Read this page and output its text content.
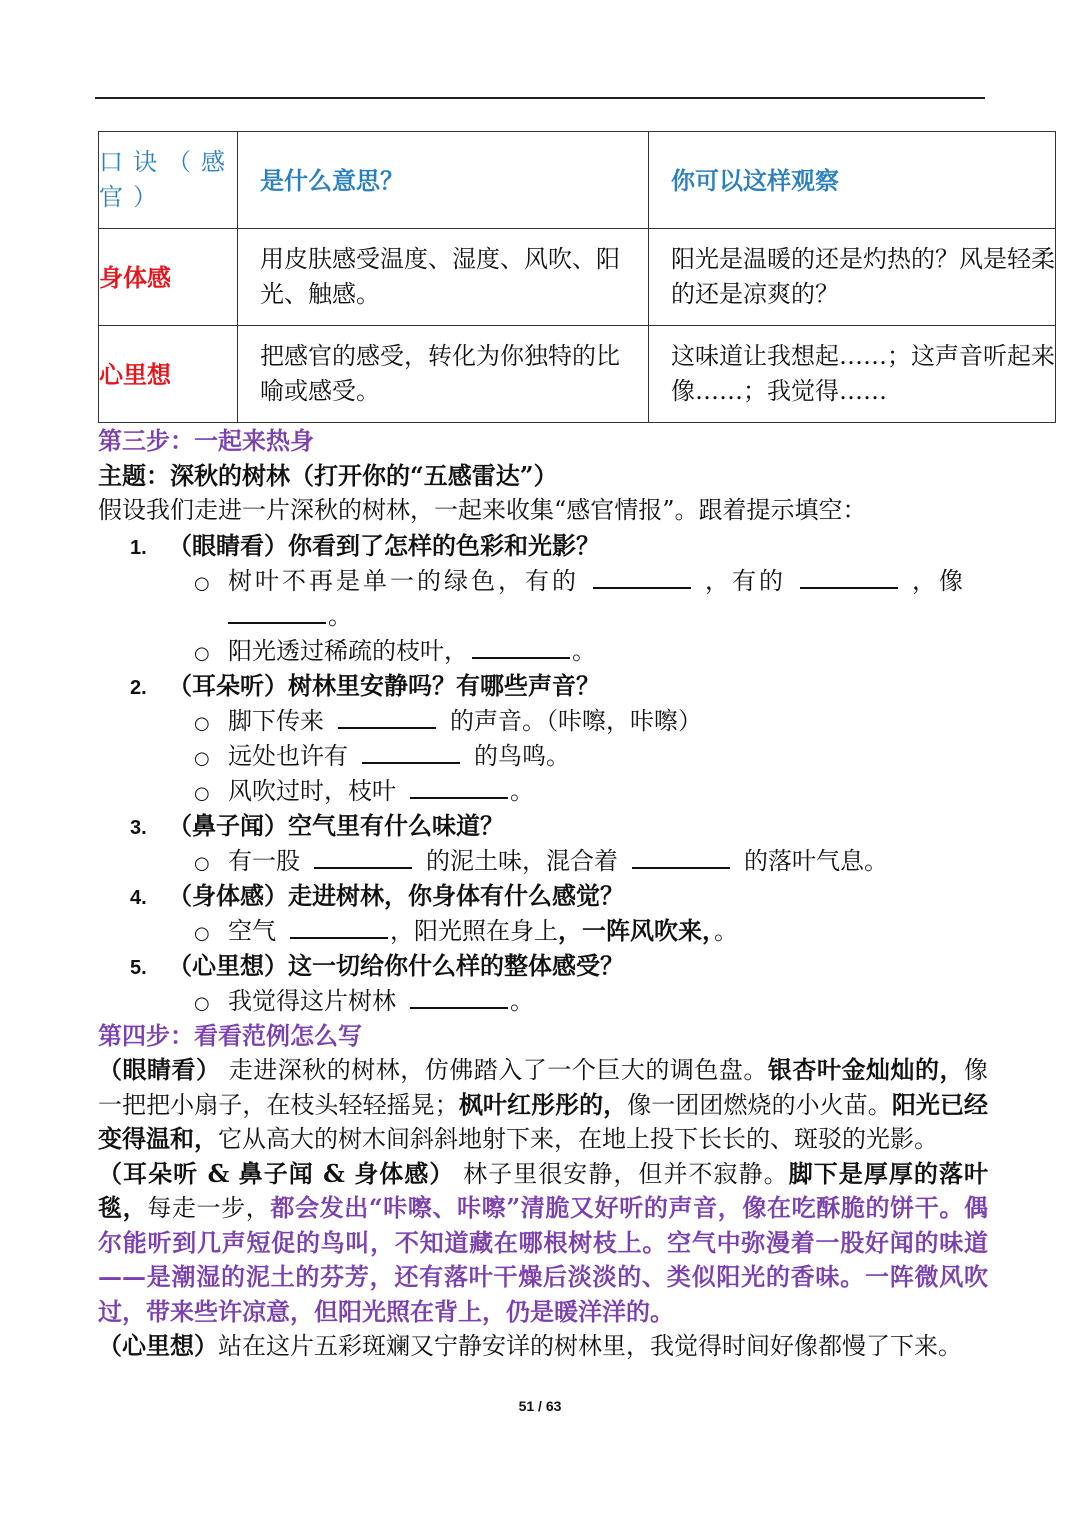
口诀（感官）	是什么意思？	你可以这样观察
身体感	用皮肤感受温度、湿度、风吹、阳光、触感。	阳光是温暖的还是灼热的？风是轻柔的还是凉爽的？
心里想	把感官的感受，转化为你独特的比喻或感受。	这味道让我想起……；这声音听起来像……；我觉得……
第三步：一起来热身
主题：深秋的树林（打开你的“五感雷达”）
假设我们走进一片深秋的树林，一起来收集“感官情报”。跟着提示填空：
1. （眼睛看）你看到了怎样的色彩和光影？
○ 树叶不再是单一的绿色，有的	，有的	，像
。
○ 阳光透过稀疏的枝叶，	。
2. （耳朵听）树林里安静吗？有哪些声音？
○ 脚下传来	的声音。（咔嚓，咔嚓）
○ 远处也许有	的鸟鸣。
○ 风吹过时，枝叶	。
3. （鼻子闻）空气里有什么味道？
○ 有一股	的泥土味，混合着	的落叶气息。
4. （身体感）走进树林，你身体有什么感觉？
○ 空气	，阳光照在身上，一阵风吹来，。
5. （心里想）这一切给你什么样的整体感受？
○ 我觉得这片树林	。
第四步：看看范例怎么写
（眼睛看） 走进深秋的树林，仿佛踏入了一个巨大的调色盘。银杏叶金灿灿的，像一把把小扇子，在枝头轻轻摇晃；枫叶红彤彤的，像一团团燃烧的小火苗。阳光已经变得温和，它从高大的树木间斜斜地射下来，在地上投下长长的、斑驳的光影。
（耳朵听 & 鼻子闻 & 身体感） 林子里很安静，但并不寂静。脚下是厚厚的落叶毯，每走一步，都会发出“咔嚓、咔嚓”清脆又好听的声音，像在吃酥脆的饼干。偶尔能听到几声短促的鸟叫，不知道藏在哪根树枝上。空气中弥漫着一股好闻的味道——是潮湿的泥土的芬芳，还有落叶干燥后淡淡的、类似阳光的香味。一阵微风吹过，带来些许凉意，但阳光照在背上，仍是暖洋洋的。
（心里想）站在这片五彩斑斓又宁静安详的树林里，我觉得时间好像都慢了下来。
51 / 63
